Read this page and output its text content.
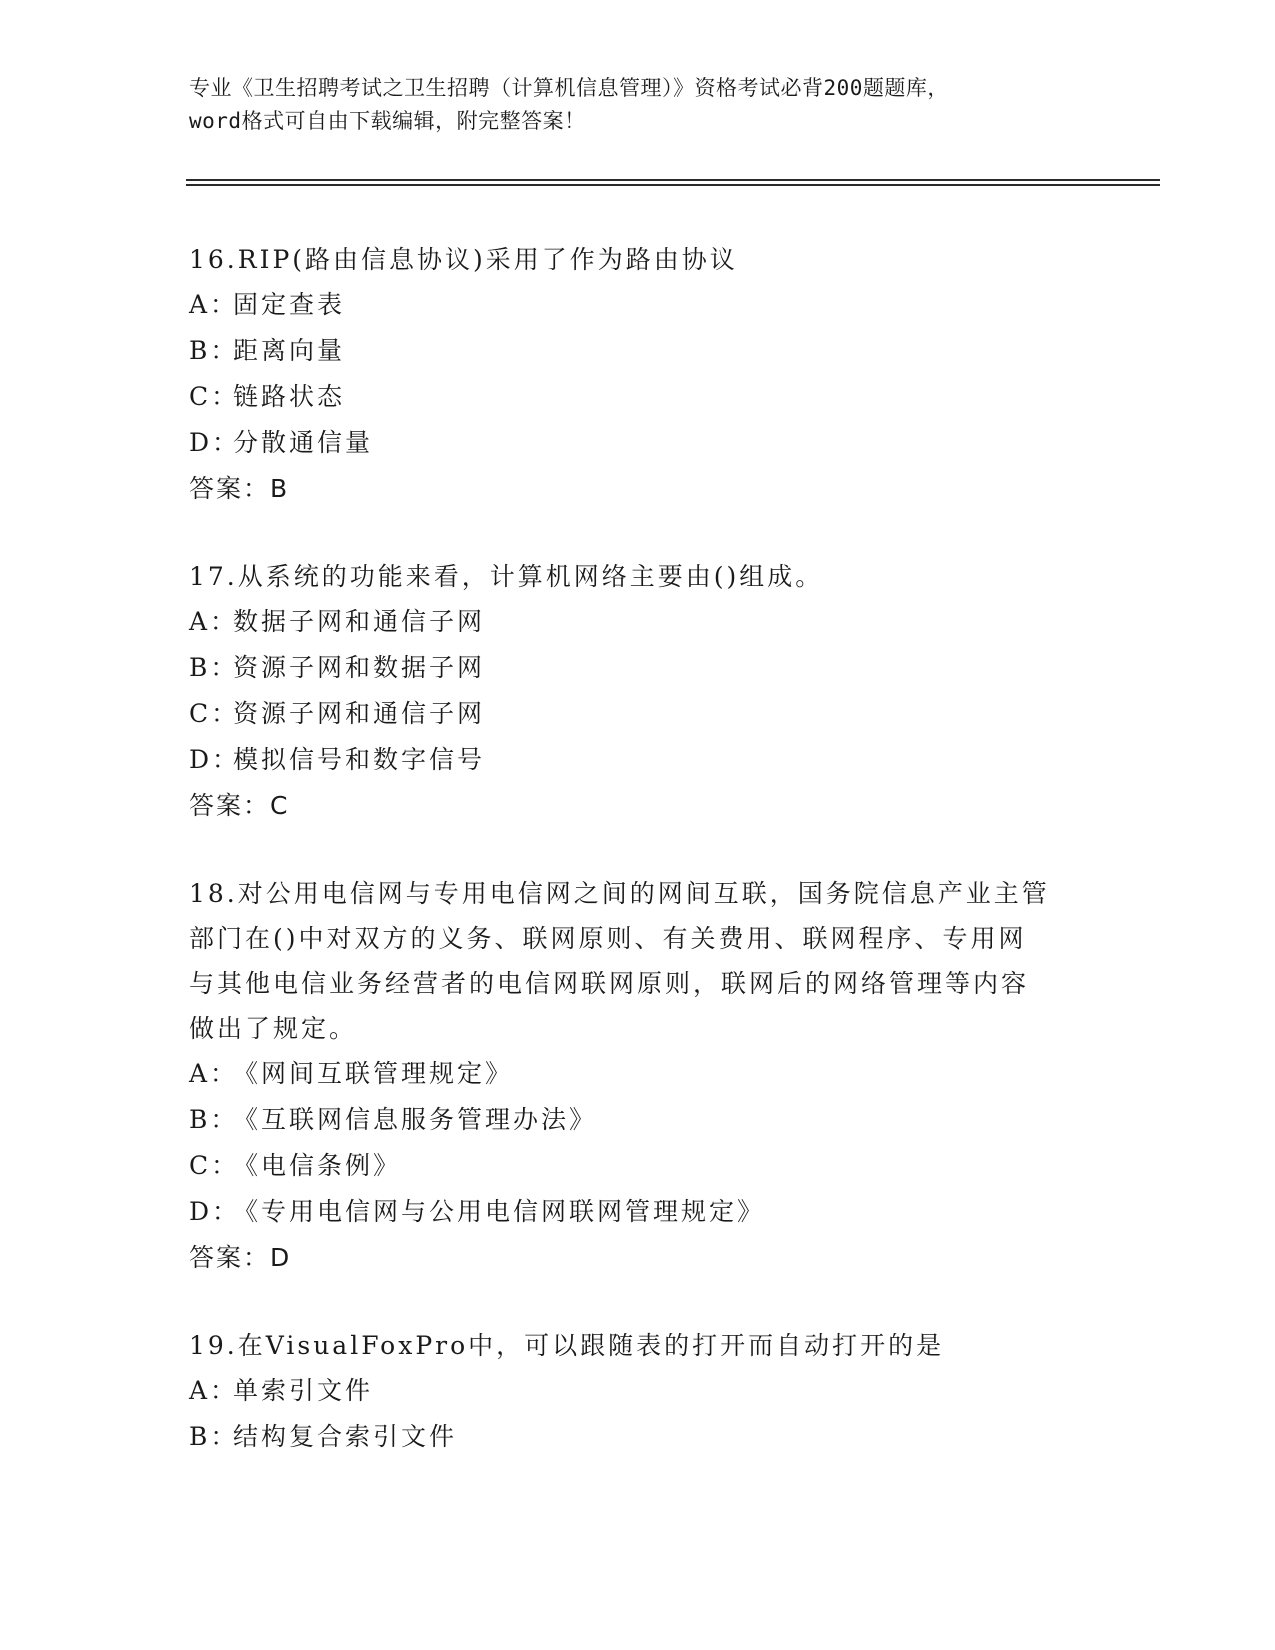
专业《卫生招聘考试之卫生招聘（计算机信息管理）》资格考试必背200题题库，
word格式可自由下载编辑，附完整答案！
16.RIP(路由信息协议)采用了作为路由协议
A：固定查表
B：距离向量
C：链路状态
D：分散通信量
答案：B
17.从系统的功能来看，计算机网络主要由()组成。
A：数据子网和通信子网
B：资源子网和数据子网
C：资源子网和通信子网
D：模拟信号和数字信号
答案：C
18.对公用电信网与专用电信网之间的网间互联，国务院信息产业主管
部门在()中对双方的义务、联网原则、有关费用、联网程序、专用网
与其他电信业务经营者的电信网联网原则，联网后的网络管理等内容
做出了规定。
A：《网间互联管理规定》
B：《互联网信息服务管理办法》
C：《电信条例》
D：《专用电信网与公用电信网联网管理规定》
答案：D
19.在VisualFoxPro中，可以跟随表的打开而自动打开的是
A：单索引文件
B：结构复合索引文件
